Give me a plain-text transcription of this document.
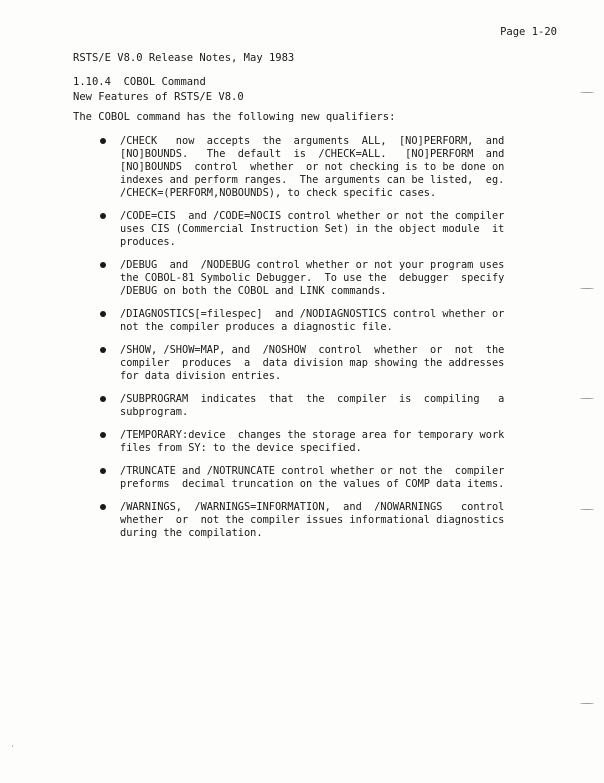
RSTS/E V8.0 Release Notes, May 1983

New Features of RSTS/E V8.0

Page 1-20
1.10.4 COBOL Command
The COBOL command has the following new qualifiers:
/CHECK   now  accepts  the  arguments  ALL,  [NO]PERFORM,  and
[NO]BOUNDS.   The  default  is  /CHECK=ALL.   [NO]PERFORM  and
[NO]BOUNDS  control  whether  or not checking is to be done on
indexes and perform ranges.  The arguments can be listed,  eg.
/CHECK=(PERFORM,NOBOUNDS), to check specific cases.
/CODE=CIS  and /CODE=NOCIS control whether or not the compiler
uses CIS (Commercial Instruction Set) in the object module  it
produces.
/DEBUG  and  /NODEBUG control whether or not your program uses
the COBOL-81 Symbolic Debugger.  To use the  debugger  specify
/DEBUG on both the COBOL and LINK commands.
/DIAGNOSTICS[=filespec]  and /NODIAGNOSTICS control whether or
not the compiler produces a diagnostic file.
/SHOW, /SHOW=MAP, and  /NOSHOW  control  whether  or  not  the
compiler  produces  a  data division map showing the addresses
for data division entries.
/SUBPROGRAM  indicates  that  the  compiler  is  compiling   a
subprogram.
/TEMPORARY:device  changes the storage area for temporary work
files from SY: to the device specified.
/TRUNCATE and /NOTRUNCATE control whether or not the  compiler
preforms  decimal truncation on the values of COMP data items.
/WARNINGS,  /WARNINGS=INFORMATION,  and  /NOWARNINGS   control
whether  or  not the compiler issues informational diagnostics
during the compilation.
